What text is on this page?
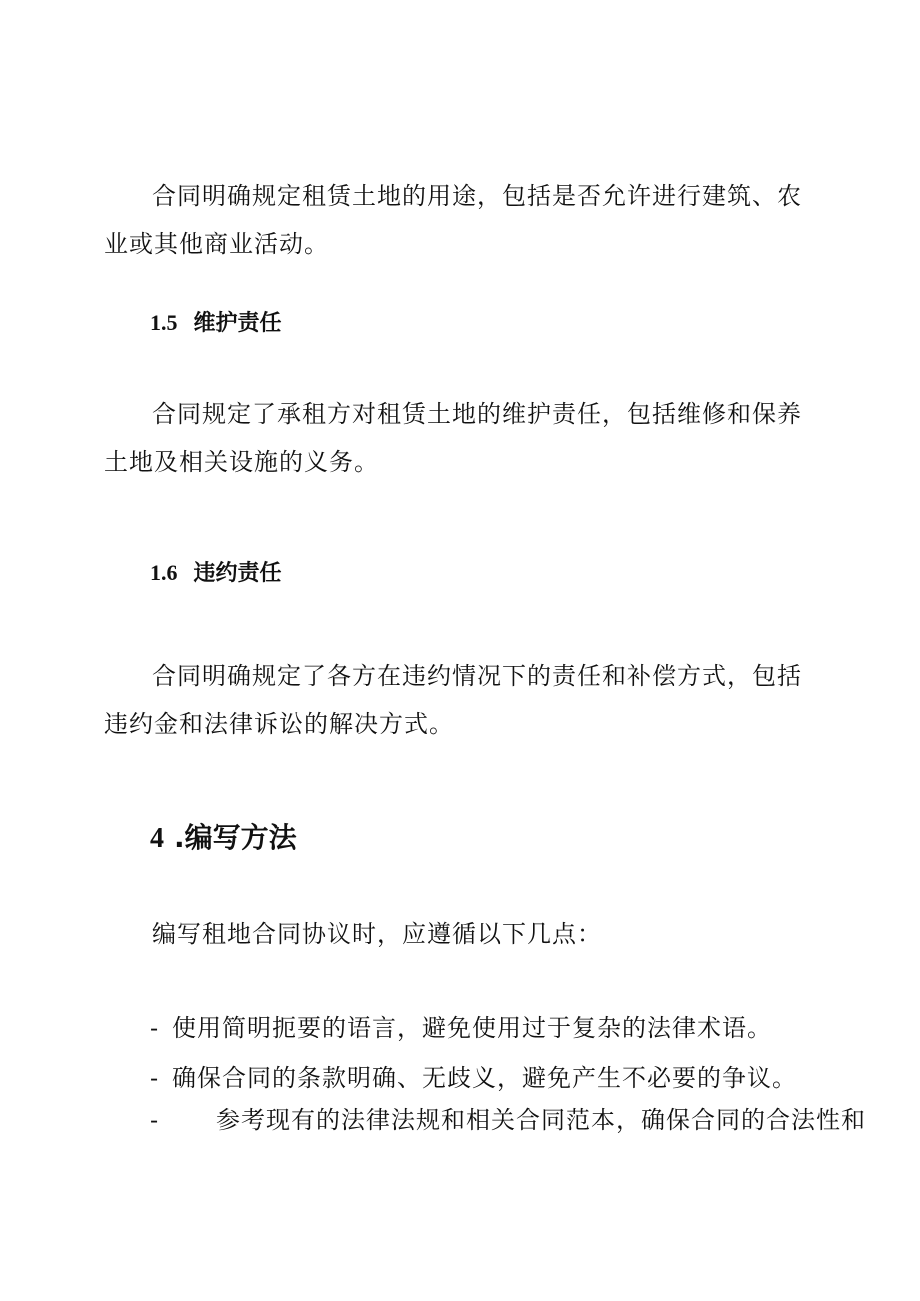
合同明确规定租赁土地的用途，包括是否允许进行建筑、农业或其他商业活动。

1.5 维护责任

合同规定了承租方对租赁土地的维护责任，包括维修和保养土地及相关设施的义务。

1.6 违约责任

合同明确规定了各方在违约情况下的责任和补偿方式，包括违约金和法律诉讼的解决方式。

4 .编写方法

编写租地合同协议时，应遵循以下几点：

- 使用简明扼要的语言，避免使用过于复杂的法律术语。

- 确保合同的条款明确、无歧义，避免产生不必要的争议。

- 参考现有的法律法规和相关合同范本，确保合同的合法性和
